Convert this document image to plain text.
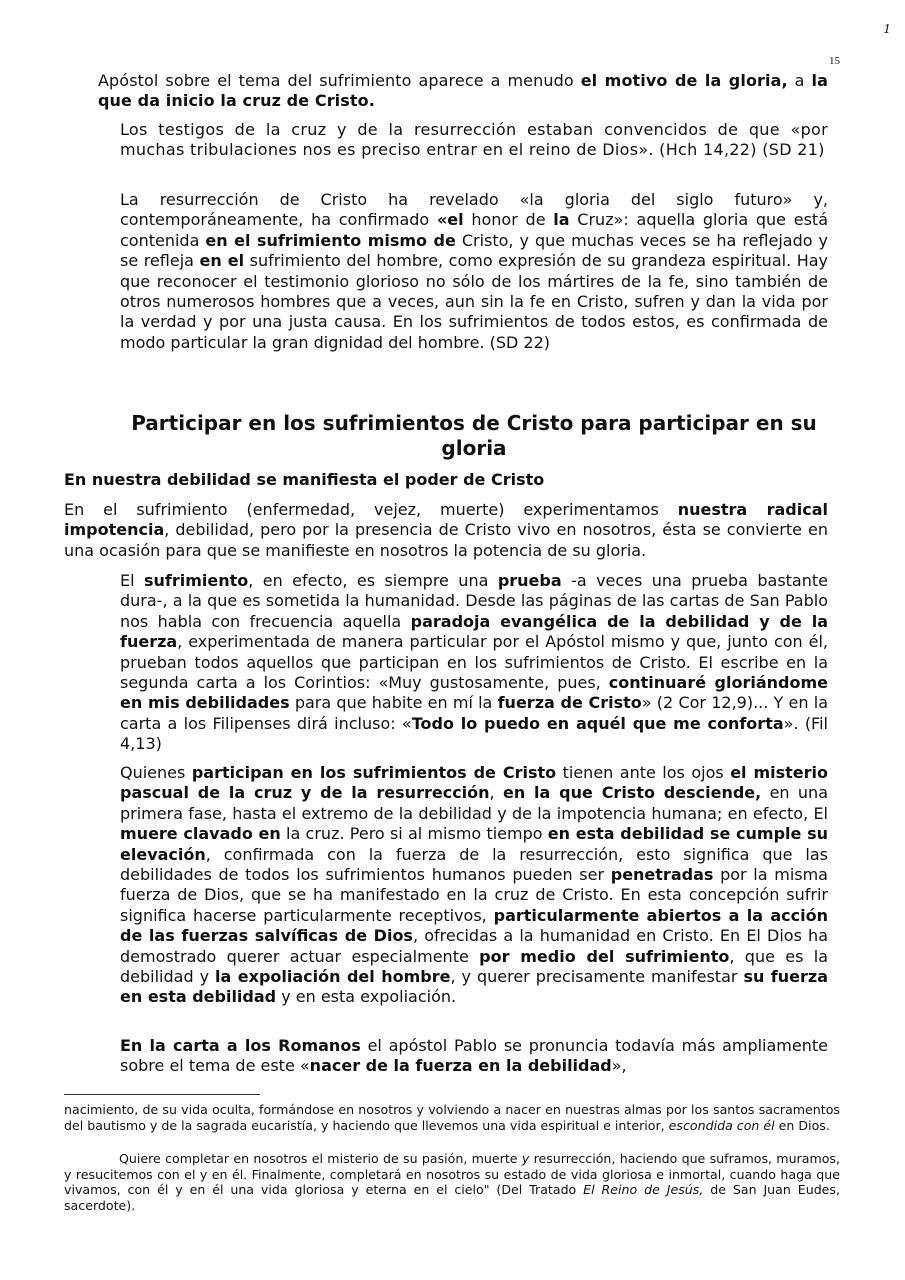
1
15

Apóstol sobre el tema del sufrimiento aparece a menudo el motivo de la gloria, a la que da inicio la cruz de Cristo.

Los testigos de la cruz y de la resurrección estaban convencidos de que «por muchas tribulaciones nos es preciso entrar en el reino de Dios». (Hch 14,22) (SD 21)

La resurrección de Cristo ha revelado «la gloria del siglo futuro» y, contemporáneamente, ha confirmado «el honor de la Cruz»: aquella gloria que está contenida en el sufrimiento mismo de Cristo, y que muchas veces se ha reflejado y se refleja en el sufrimiento del hombre, como expresión de su grandeza espiritual. Hay que reconocer el testimonio glorioso no sólo de los mártires de la fe, sino también de otros numerosos hombres que a veces, aun sin la fe en Cristo, sufren y dan la vida por la verdad y por una justa causa. En los sufrimientos de todos estos, es confirmada de modo particular la gran dignidad del hombre. (SD 22)

Participar en los sufrimientos de Cristo para participar en su gloria
En nuestra debilidad se manifiesta el poder de Cristo

En el sufrimiento (enfermedad, vejez, muerte) experimentamos nuestra radical impotencia, debilidad, pero por la presencia de Cristo vivo en nosotros, ésta se convierte en una ocasión para que se manifieste en nosotros la potencia de su gloria.

El sufrimiento, en efecto, es siempre una prueba -a veces una prueba bastante dura-, a la que es sometida la humanidad. Desde las páginas de las cartas de San Pablo nos habla con frecuencia aquella paradoja evangélica de la debilidad y de la fuerza, experimentada de manera particular por el Apóstol mismo y que, junto con él, prueban todos aquellos que participan en los sufrimientos de Cristo. El escribe en la segunda carta a los Corintios: «Muy gustosamente, pues, continuaré gloriándome en mis debilidades para que habite en mí la fuerza de Cristo» (2 Cor 12,9)... Y en la carta a los Filipenses dirá incluso: «Todo lo puedo en aquél que me conforta». (Fil 4,13)

Quienes participan en los sufrimientos de Cristo tienen ante los ojos el misterio pascual de la cruz y de la resurrección, en la que Cristo desciende, en una primera fase, hasta el extremo de la debilidad y de la impotencia humana; en efecto, El muere clavado en la cruz. Pero si al mismo tiempo en esta debilidad se cumple su elevación, confirmada con la fuerza de la resurrección, esto significa que las debilidades de todos los sufrimientos humanos pueden ser penetradas por la misma fuerza de Dios, que se ha manifestado en la cruz de Cristo. En esta concepción sufrir significa hacerse particularmente receptivos, particularmente abiertos a la acción de las fuerzas salvíficas de Dios, ofrecidas a la humanidad en Cristo. En El Dios ha demostrado querer actuar especialmente por medio del sufrimiento, que es la debilidad y la expoliación del hombre, y querer precisamente manifestar su fuerza en esta debilidad y en esta expoliación.

En la carta a los Romanos el apóstol Pablo se pronuncia todavía más ampliamente sobre el tema de este «nacer de la fuerza en la debilidad»,

nacimiento, de su vida oculta, formándose en nosotros y volviendo a nacer en nuestras almas por los santos sacramentos del bautismo y de la sagrada eucaristía, y haciendo que llevemos una vida espiritual e interior, escondida con él en Dios.

Quiere completar en nosotros el misterio de su pasión, muerte y resurrección, haciendo que suframos, muramos, y resucitemos con el y en él. Finalmente, completará en nosotros su estado de vida gloriosa e inmortal, cuando haga que vivamos, con él y en él una vida gloriosa y eterna en el cielo" (Del Tratado El Reino de Jesús, de San Juan Eudes, sacerdote).
